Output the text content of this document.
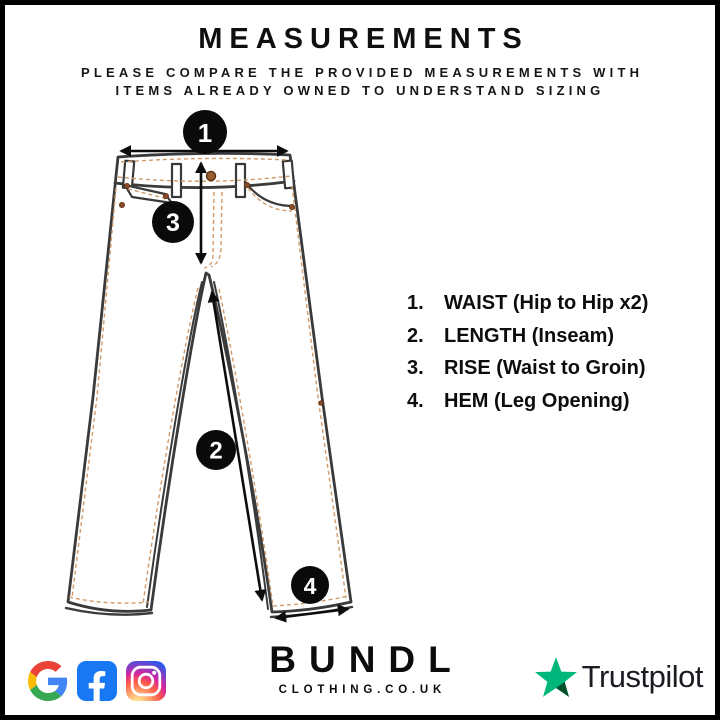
MEASUREMENTS

PLEASE COMPARE THE PROVIDED MEASUREMENTS WITH
ITEMS ALREADY OWNED TO UNDERSTAND SIZING

1
3
2
4
1.	WAIST (Hip to Hip x2)
2.	LENGTH (Inseam)
3.	RISE (Waist to Groin)
4.	HEM (Leg Opening)
BUNDL
CLOTHING.CO.UK	Trustpilot
